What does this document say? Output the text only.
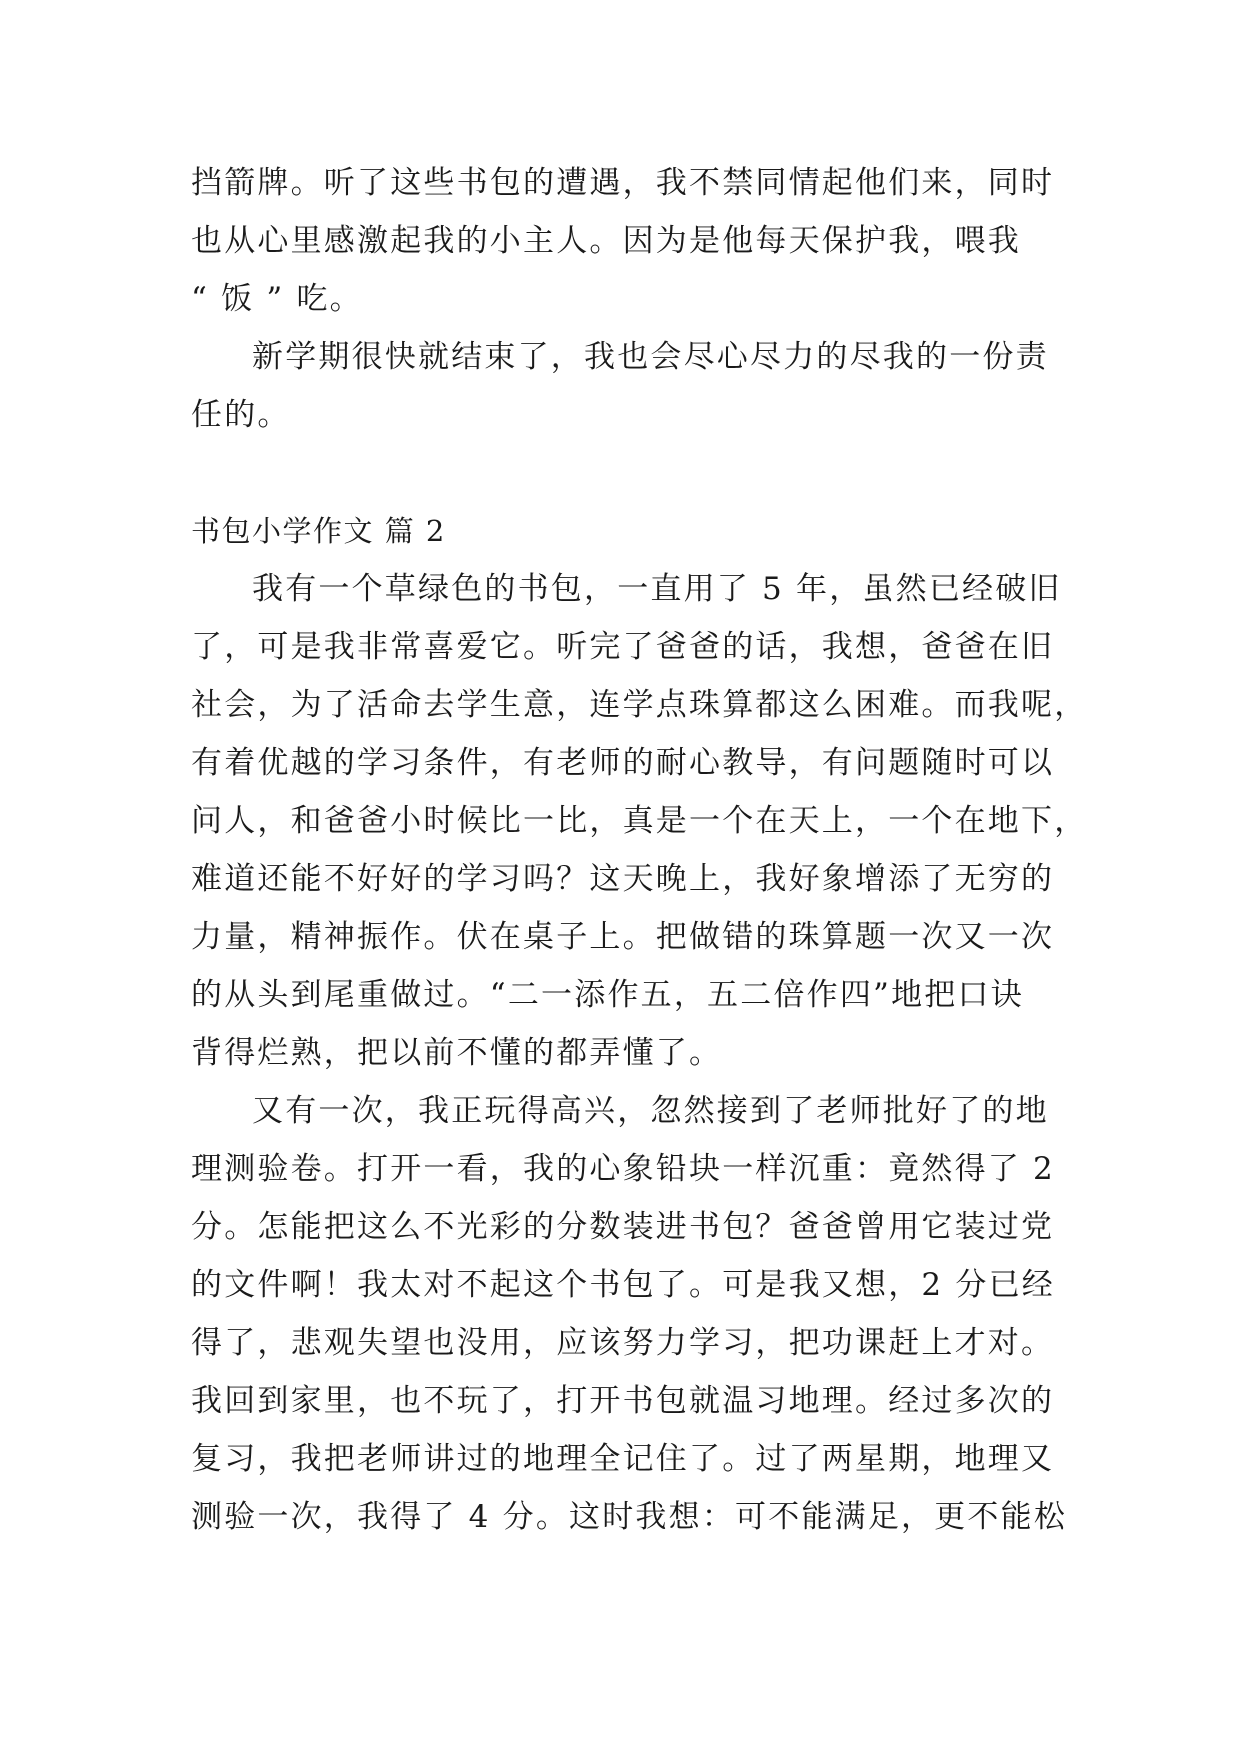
挡箭牌。听了这些书包的遭遇，我不禁同情起他们来，同时
也从心里感激起我的小主人。因为是他每天保护我，喂我
“ 饭 ” 吃。
新学期很快就结束了，我也会尽心尽力的尽我的一份责
任的。
书包小学作文 篇 2
我有一个草绿色的书包，一直用了 5 年，虽然已经破旧
了，可是我非常喜爱它。听完了爸爸的话，我想，爸爸在旧
社会，为了活命去学生意，连学点珠算都这么困难。而我呢，
有着优越的学习条件，有老师的耐心教导，有问题随时可以
问人，和爸爸小时候比一比，真是一个在天上，一个在地下，
难道还能不好好的学习吗？这天晚上，我好象增添了无穷的
力量，精神振作。伏在桌子上。把做错的珠算题一次又一次
的从头到尾重做过。“二一添作五，五二倍作四”地把口诀
背得烂熟，把以前不懂的都弄懂了。
又有一次，我正玩得高兴，忽然接到了老师批好了的地
理测验卷。打开一看，我的心象铅块一样沉重：竟然得了 2
分。怎能把这么不光彩的分数装进书包？爸爸曾用它装过党
的文件啊！我太对不起这个书包了。可是我又想，2 分已经
得了，悲观失望也没用，应该努力学习，把功课赶上才对。
我回到家里，也不玩了，打开书包就温习地理。经过多次的
复习，我把老师讲过的地理全记住了。过了两星期，地理又
测验一次，我得了 4 分。这时我想：可不能满足，更不能松
